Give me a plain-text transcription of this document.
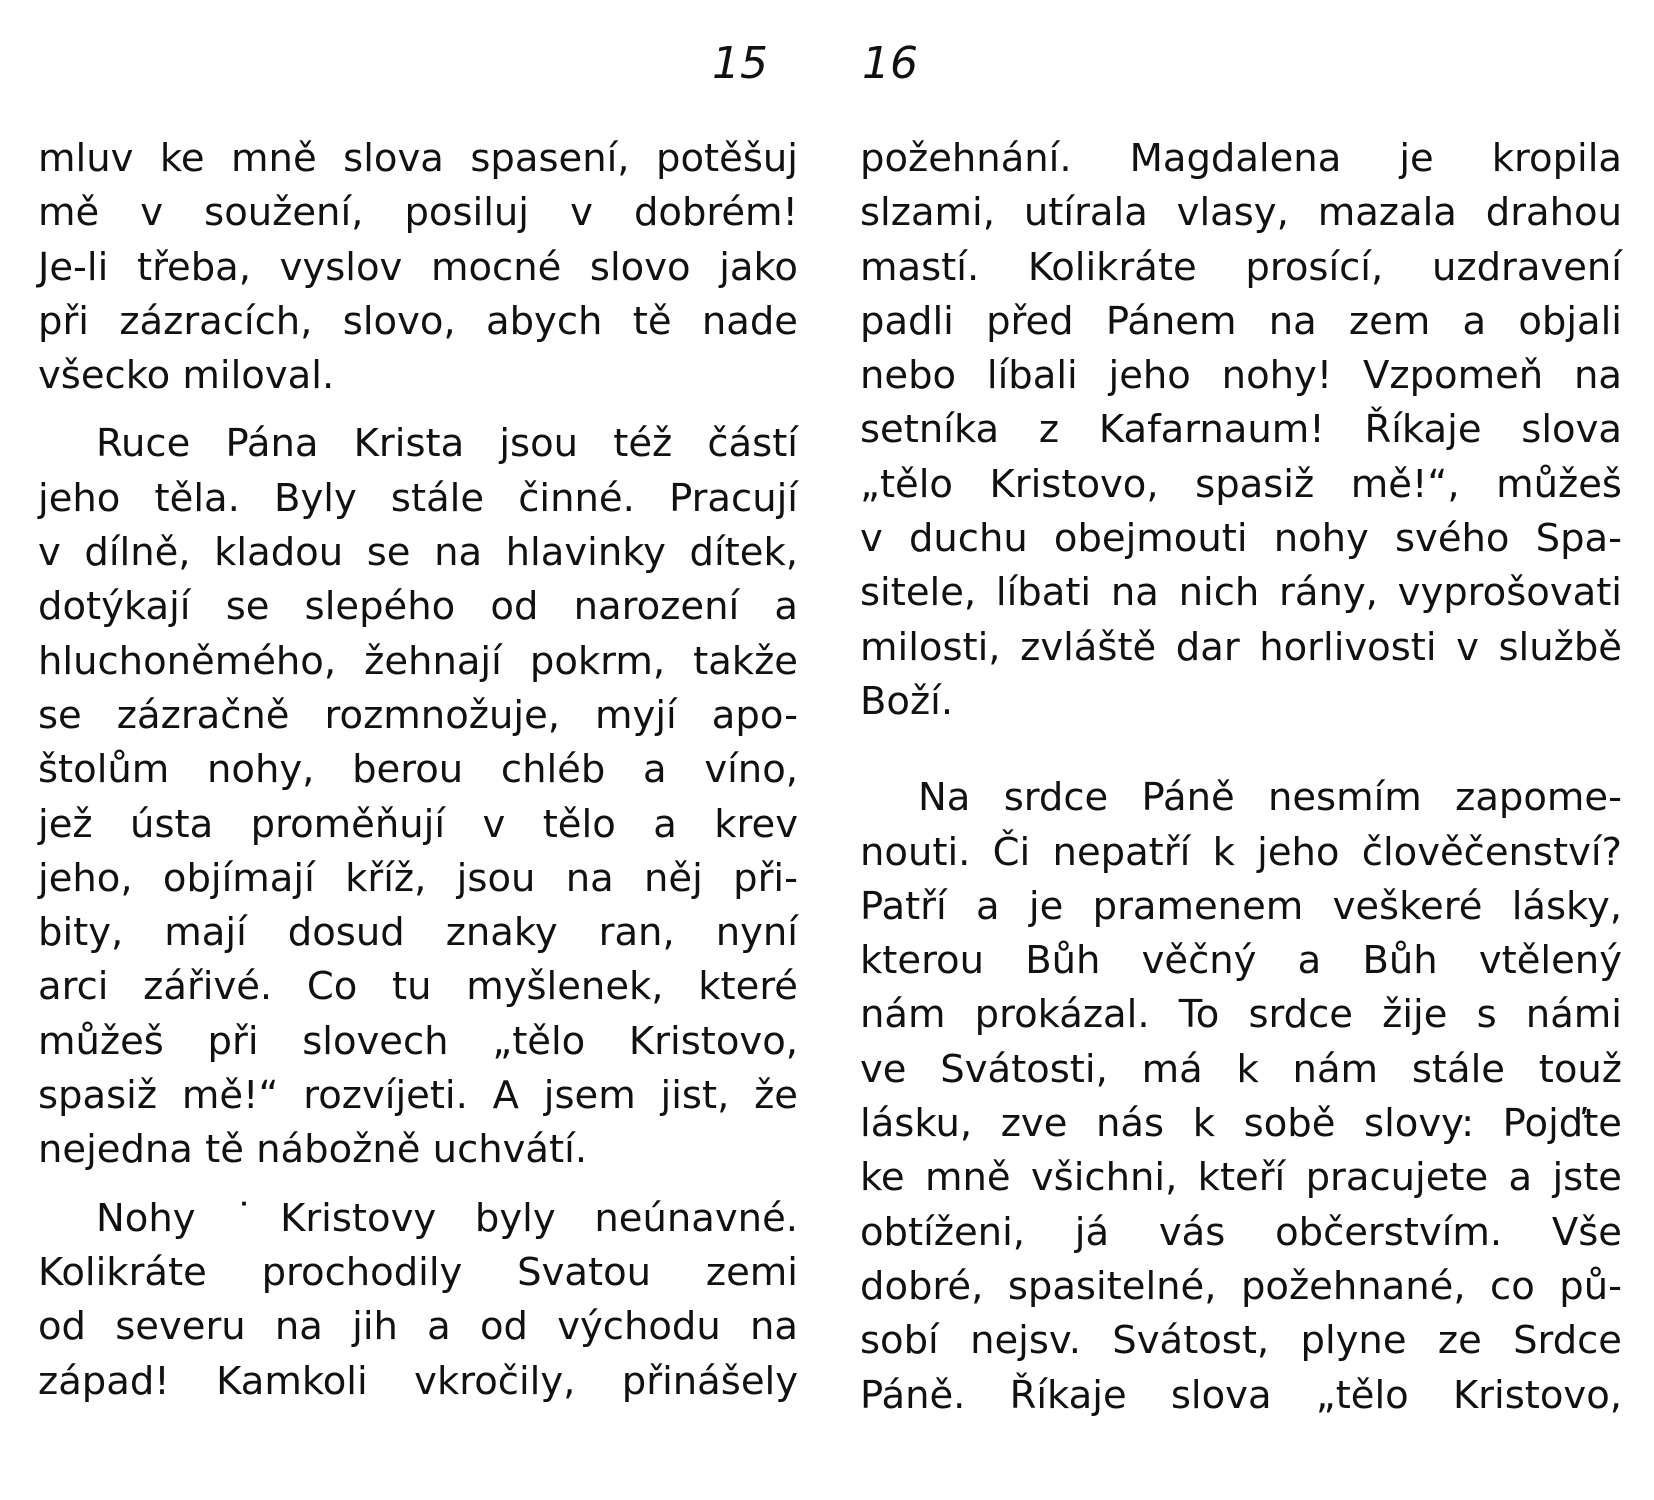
15 16
mluv ke mně slova spasení, potěšuj
mě v soužení, posiluj v dobrém!
Je-li třeba, vyslov mocné slovo jako
při zázracích, slovo, abych tě nade
všecko miloval.
Ruce Pána Krista jsou též částí
jeho těla. Byly stále činné. Pracují
v dílně, kladou se na hlavinky dítek,
dotýkají se slepého od narození a
hluchoněmého, žehnají pokrm, takže
se zázračně rozmnožuje, myjí apo-
štolům nohy, berou chléb a víno,
jež ústa proměňují v tělo a krev
jeho, objímají kříž, jsou na něj při-
bity, mají dosud znaky ran, nyní
arci zářivé. Co tu myšlenek, které
můžeš při slovech „tělo Kristovo,
spasiž mě!“ rozvíjeti. A jsem jist, že
nejedna tě nábožně uchvátí.
Nohy ˙Kristovy byly neúnavné.
Kolikráte prochodily Svatou zemi
od severu na jih a od východu na
západ! Kamkoli vkročily, přinášely
požehnání. Magdalena je kropila
slzami, utírala vlasy, mazala drahou
mastí. Kolikráte prosící, uzdravení
padli před Pánem na zem a objali
nebo líbali jeho nohy! Vzpomeň na
setníka z Kafarnaum! Říkaje slova
„tělo Kristovo, spasiž mě!“, můžeš
v duchu obejmouti nohy svého Spa-
sitele, líbati na nich rány, vyprošovati
milosti, zvláště dar horlivosti v službě
Boží.
Na srdce Páně nesmím zapome-
nouti. Či nepatří k jeho člověčenství?
Patří a je pramenem veškeré lásky,
kterou Bůh věčný a Bůh vtělený
nám prokázal. To srdce žije s námi
ve Svátosti, má k nám stále touž
lásku, zve nás k sobě slovy: Pojďte
ke mně všichni, kteří pracujete a jste
obtíženi, já vás občerstvím. Vše
dobré, spasitelné, požehnané, co pů-
sobí nejsv. Svátost, plyne ze Srdce
Páně. Říkaje slova „tělo Kristovo,
